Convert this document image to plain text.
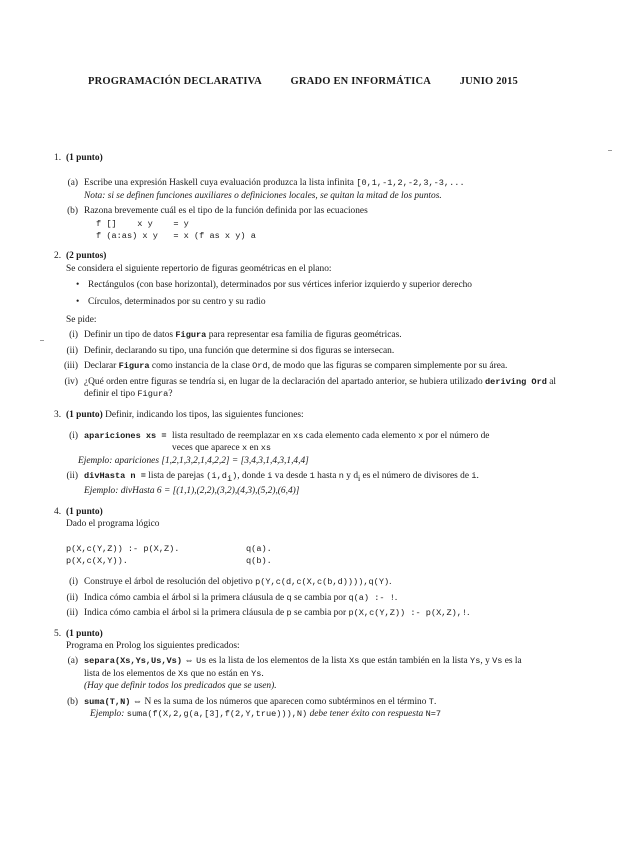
PROGRAMACIÓN DECLARATIVA	GRADO EN INFORMÁTICA	JUNIO 2015
1. (1 punto)
(a) Escribe una expresión Haskell cuya evaluación produzca la lista infinita [0,1,-1,2,-2,3,-3,...
Nota: si se definen funciones auxiliares o definiciones locales, se quitan la mitad de los puntos.
(b) Razona brevemente cuál es el tipo de la función definida por las ecuaciones
f []    x y    = y
f (a:as) x y   = x (f as x y) a
2. (2 puntos)
Se considera el siguiente repertorio de figuras geométricas en el plano:
• Rectángulos (con base horizontal), determinados por sus vértices inferior izquierdo y superior derecho
• Círculos, determinados por su centro y su radio
Se pide:
(i) Definir un tipo de datos Figura para representar esa familia de figuras geométricas.
(ii) Definir, declarando su tipo, una función que determine si dos figuras se intersecan.
(iii) Declarar Figura como instancia de la clase Ord, de modo que las figuras se comparen simplemente por su área.
(iv) ¿Qué orden entre figuras se tendría si, en lugar de la declaración del apartado anterior, se hubiera utilizado deriving Ord al definir el tipo Figura?
3. (1 punto) Definir, indicando los tipos, las siguientes funciones:
(i) apariciones xs = lista resultado de reemplazar en xs cada elemento cada elemento x por el número de
veces que aparece x en xs
Ejemplo: apariciones [1,2,1,3,2,1,4,2,2] = [3,4,3,1,4,3,1,4,4]
(ii) divHasta n = lista de parejas $(i,d_i)$, donde i va desde 1 hasta n y $d_i$ es el número de divisores de i.
Ejemplo: divHasta 6 = [(1,1),(2,2),(3,2),(4,3),(5,2),(6,4)]
4. (1 punto)
Dado el programa lógico
p(X,c(Y,Z)) :- p(X,Z).	q(a).
p(X,c(X,Y)).	q(b).
(i) Construye el árbol de resolución del objetivo p(Y,c(d,c(X,c(b,d)))),q(Y).
(ii) Indica cómo cambia el árbol si la primera cláusula de q se cambia por q(a) :- !.
(ii) Indica cómo cambia el árbol si la primera cláusula de p se cambia por p(X,c(Y,Z)) :- p(X,Z),!.
5. (1 punto)
Programa en Prolog los siguientes predicados:
(a) separa(Xs,Ys,Us,Vs) ⇔ Us es la lista de los elementos de la lista Xs que están también en la lista Ys, y Vs es la
lista de los elementos de Xs que no están en Ys.
(Hay que definir todos los predicados que se usen).
(b) suma(T,N) ⇔ N es la suma de los números que aparecen como subtérminos en el término T.
Ejemplo: suma(f(X,2,g(a,[3],f(2,Y,true))),N) debe tener éxito con respuesta N=7
